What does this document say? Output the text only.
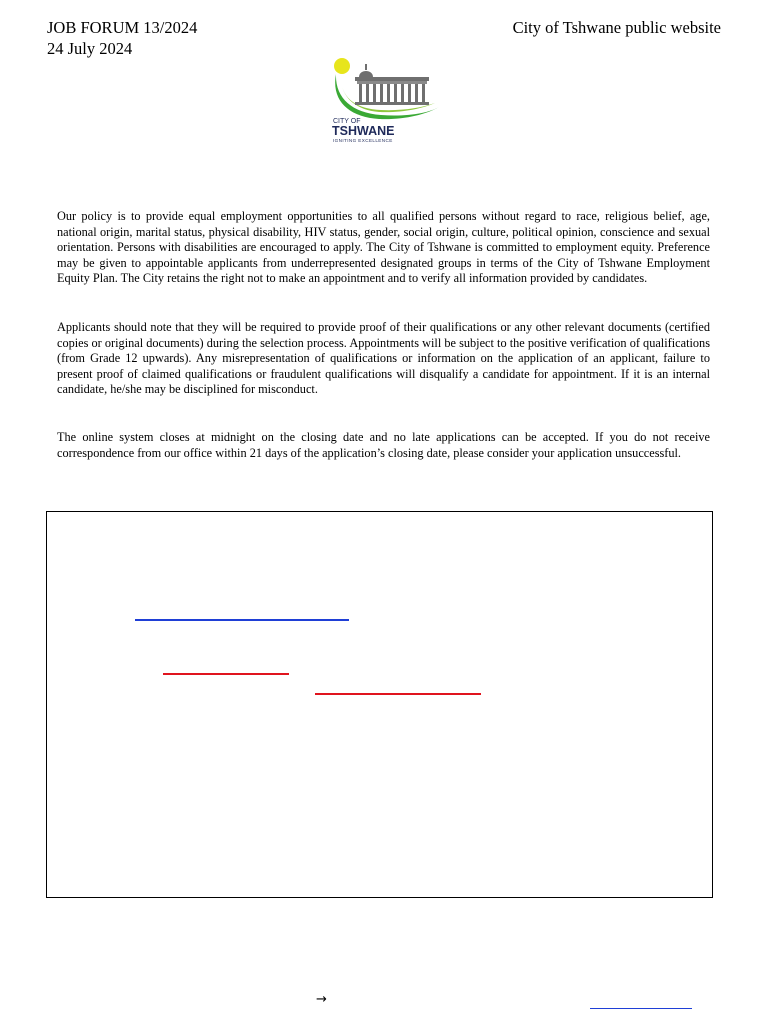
JOB FORUM 13/2024
24 July 2024
City of Tshwane public website
CITY OF
TSHWANE
IGNITING EXCELLENCE

Our policy is to provide equal employment opportunities to all qualified persons without regard to race, religious belief, age, national origin, marital status, physical disability, HIV status, gender, social origin, culture, political opinion, conscience and sexual orientation. Persons with disabilities are encouraged to apply. The City of Tshwane is committed to employment equity. Preference may be given to appointable applicants from underrepresented designated groups in terms of the City of Tshwane Employment Equity Plan. The City retains the right not to make an appointment and to verify all information provided by candidates.

Applicants should note that they will be required to provide proof of their qualifications or any other relevant documents (certified copies or original documents) during the selection process. Appointments will be subject to the positive verification of qualifications (from Grade 12 upwards). Any misrepresentation of qualifications or information on the application of an applicant, failure to present proof of claimed qualifications or fraudulent qualifications will disqualify a candidate for appointment. If it is an internal candidate, he/she may be disciplined for misconduct.

The online system closes at midnight on the closing date and no late applications can be accepted. If you do not receive correspondence from our office within 21 days of the application’s closing date, please consider your application unsuccessful.

→
